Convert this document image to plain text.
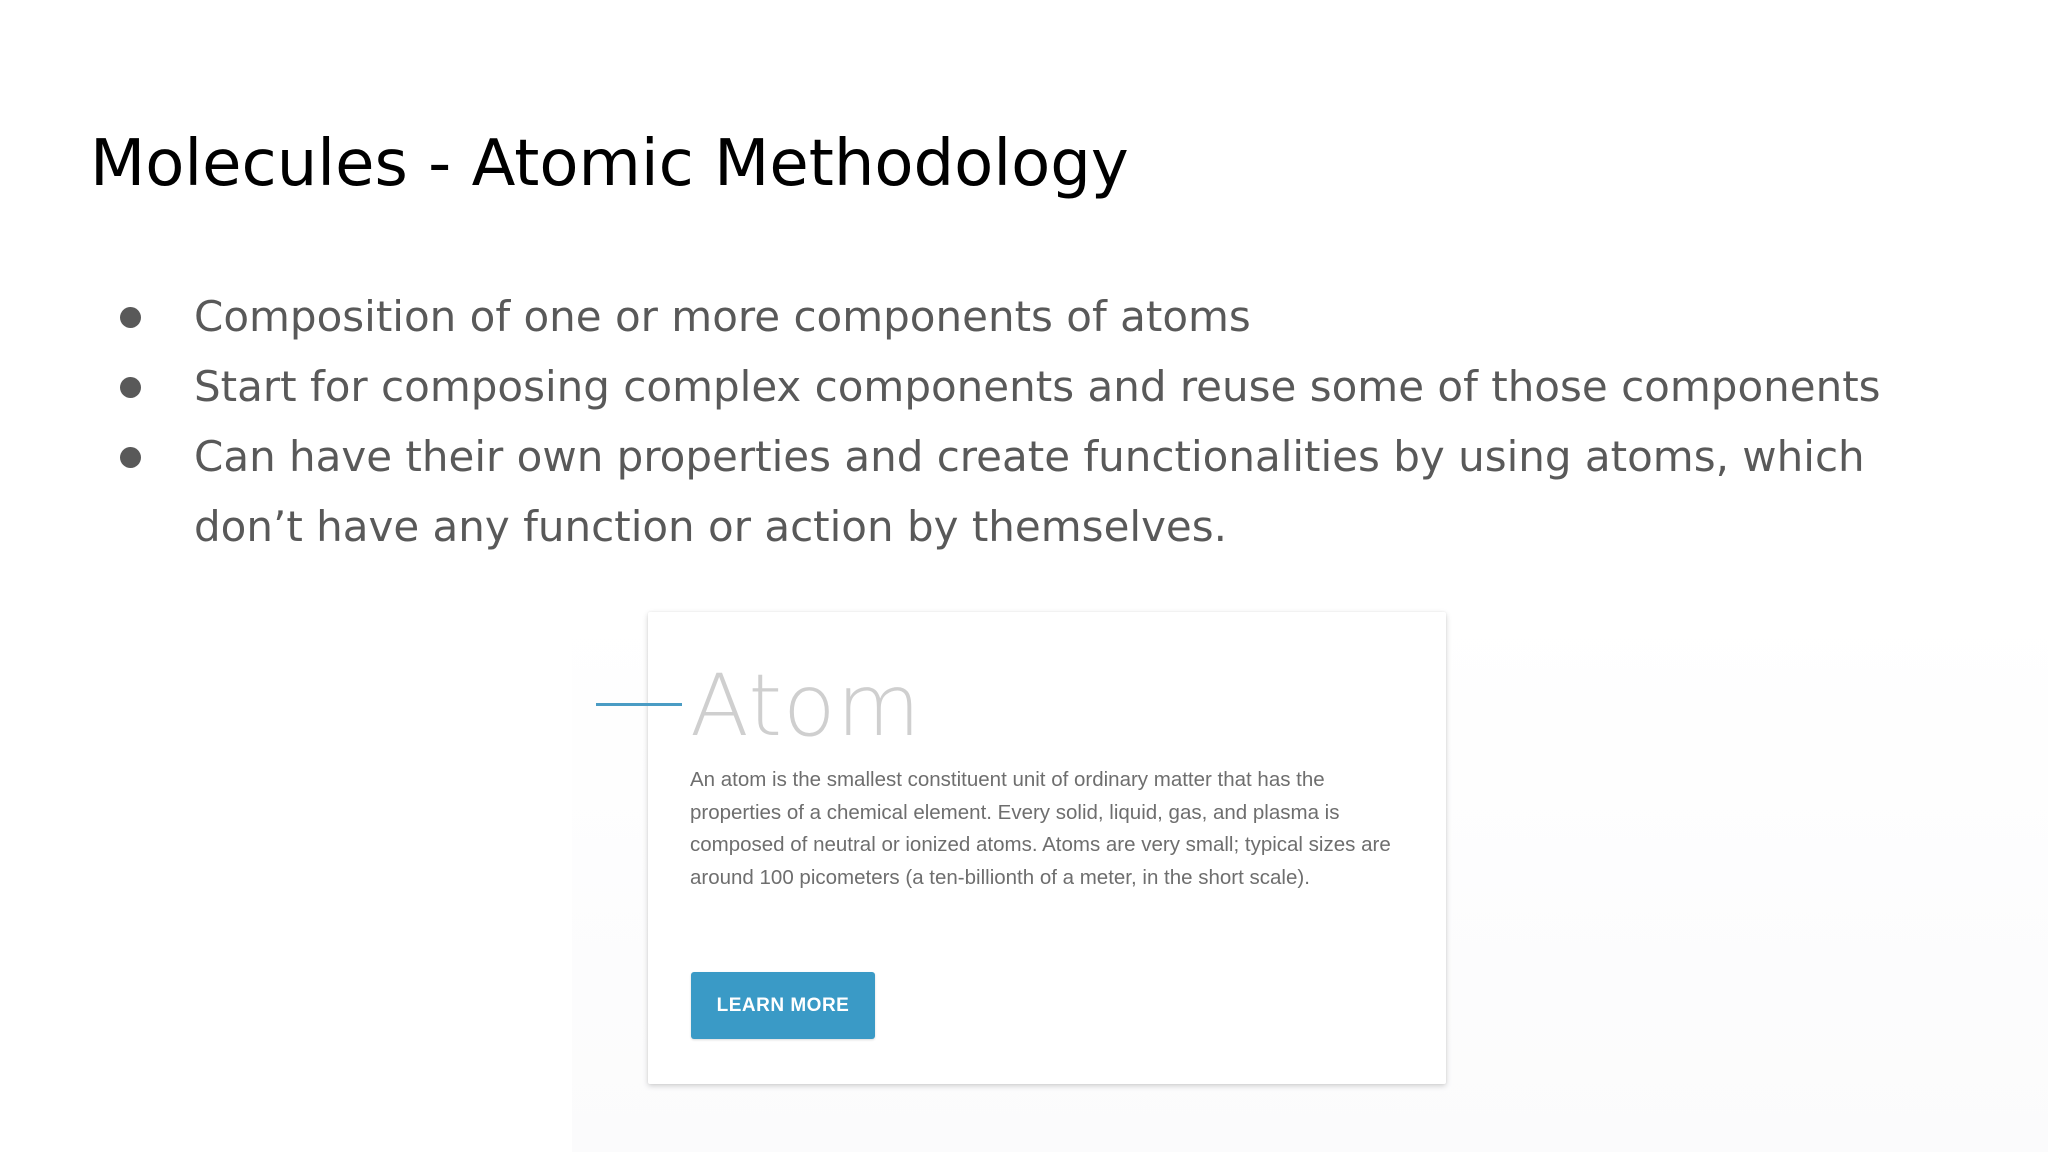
Molecules - Atomic Methodology
Composition of one or more components of atoms
Start for composing complex components and reuse some of those components
Can have their own properties and create functionalities by using atoms, which don’t have any function or action by themselves.
Atom

An atom is the smallest constituent unit of ordinary matter that has the properties of a chemical element. Every solid, liquid, gas, and plasma is composed of neutral or ionized atoms. Atoms are very small; typical sizes are around 100 picometers (a ten-billionth of a meter, in the short scale).

LEARN MORE
